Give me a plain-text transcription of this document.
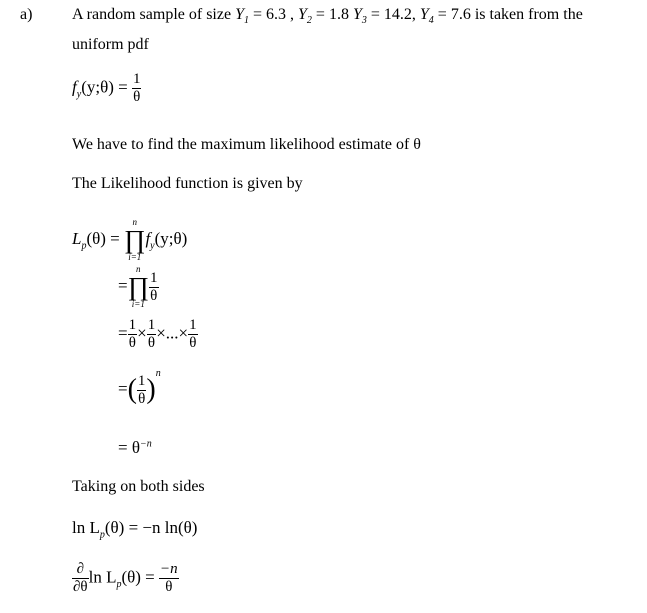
a) A random sample of size $Y_1 = 6.3$ , $Y_2 = 1.8$ $Y_3 = 14.2$, $Y_4 = 7.6$ is taken from the
uniform pdf
$f_y(y;\theta) = \frac{1}{\theta}$
We have to find the maximum likelihood estimate of θ
The Likelihood function is given by
$L_p(\theta)$ =
n
∏
i=1
$f_y(y;\theta)$
=
n
∏
i=1
$\frac{1}{\theta}$
= $\frac{1}{\theta} \times \frac{1}{\theta}$ ×...× $\frac{1}{\theta}$
=( $\frac{1}{\theta} )^n$
= $\theta^{-n}$
Taking on both sides
$\ln L_p(\theta) = -n$ ln(θ)
$\frac{\partial}{\partial\theta}$ $\ln L_p(\theta) = \frac{-n}{\theta}$
